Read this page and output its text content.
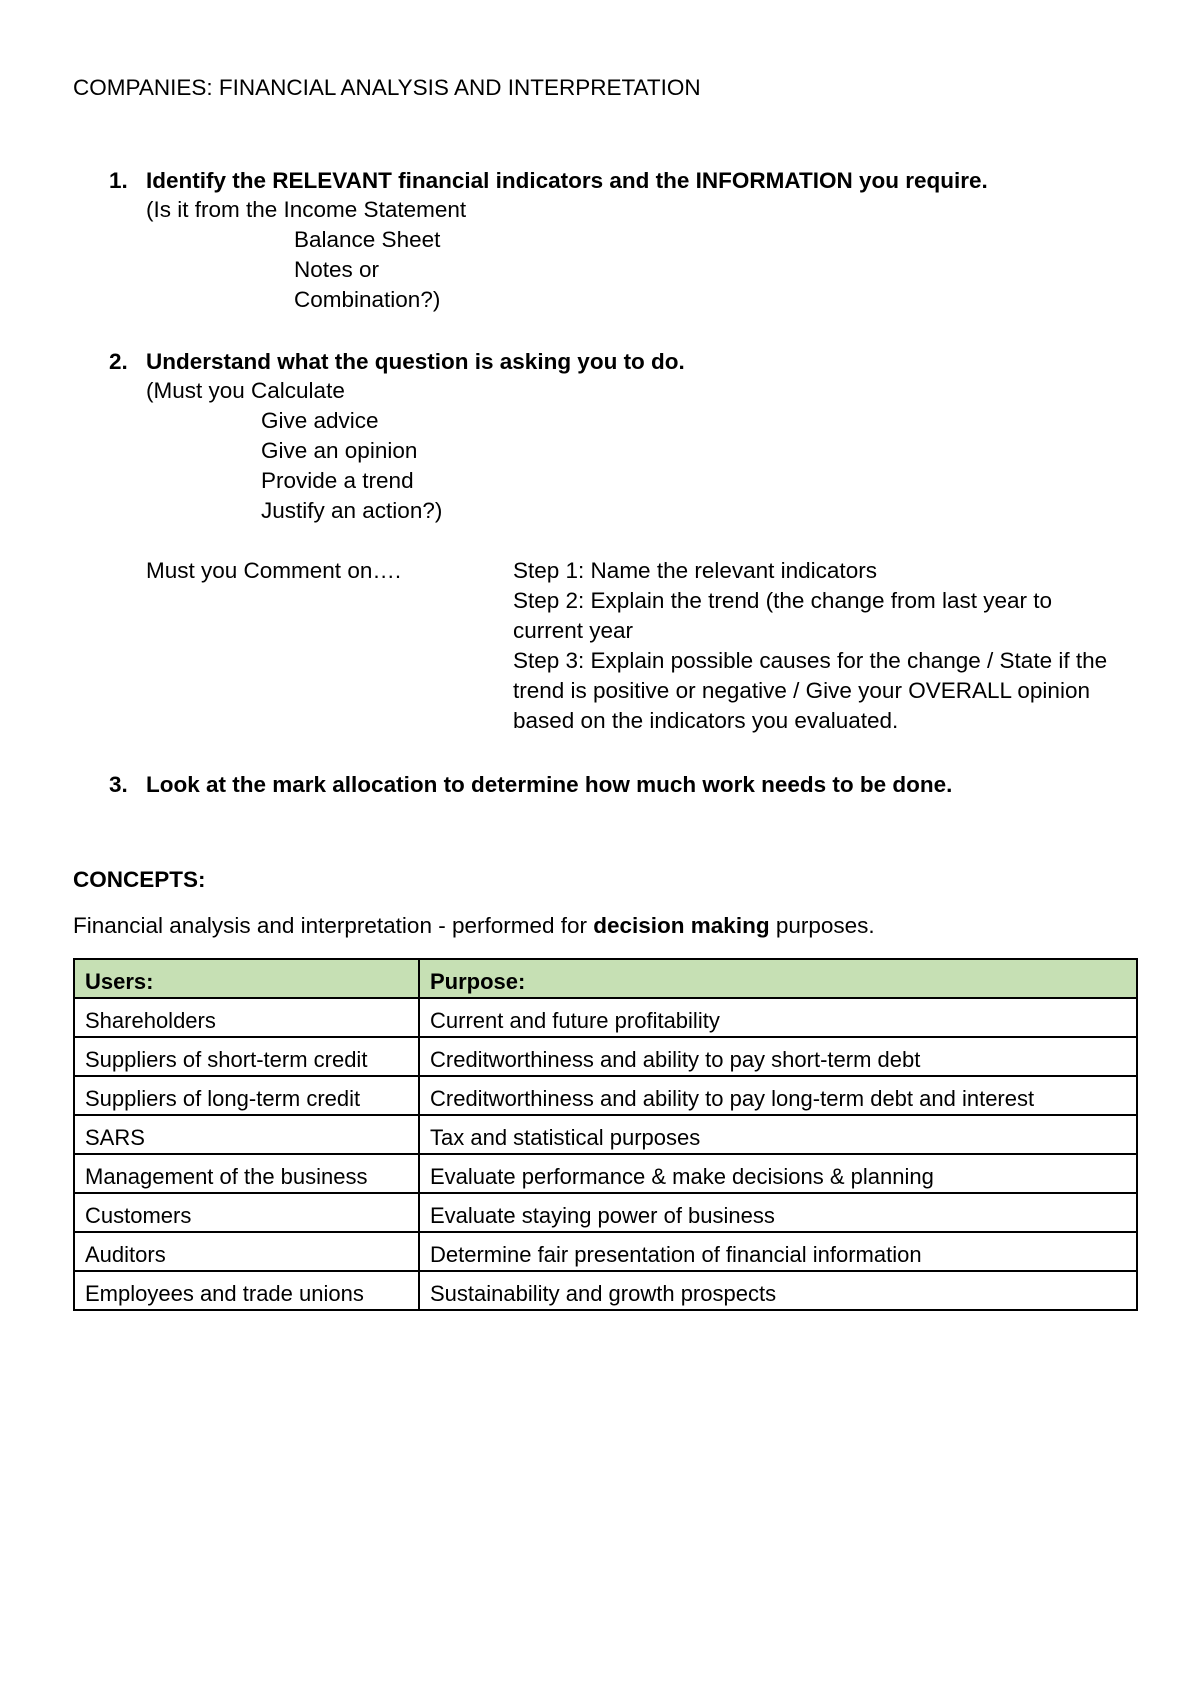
COMPANIES: FINANCIAL ANALYSIS AND INTERPRETATION
1. Identify the RELEVANT financial indicators and the INFORMATION you require.
(Is it from the Income Statement
Balance Sheet
Notes or
Combination?)
2. Understand what the question is asking you to do.
(Must you Calculate
Give advice
Give an opinion
Provide a trend
Justify an action?)
Must you Comment on….	Step 1: Name the relevant indicators
Step 2: Explain the trend (the change from last year to current year
Step 3: Explain possible causes for the change / State if the trend is positive or negative / Give your OVERALL opinion based on the indicators you evaluated.
3. Look at the mark allocation to determine how much work needs to be done.
CONCEPTS:
Financial analysis and interpretation - performed for decision making purposes.
Users:	Purpose:
Shareholders	Current and future profitability
Suppliers of short-term credit	Creditworthiness and ability to pay short-term debt
Suppliers of long-term credit	Creditworthiness and ability to pay long-term debt and interest
SARS	Tax and statistical purposes
Management of the business	Evaluate performance & make decisions & planning
Customers	Evaluate staying power of business
Auditors	Determine fair presentation of financial information
Employees and trade unions	Sustainability and growth prospects
